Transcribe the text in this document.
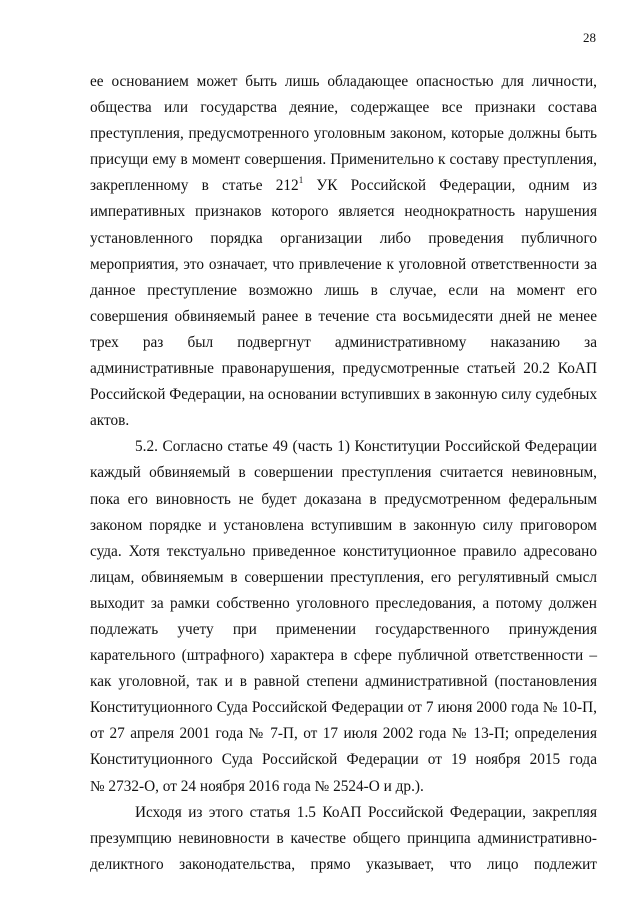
28
ее основанием может быть лишь обладающее опасностью для личности,
общества или государства деяние, содержащее все признаки состава
преступления, предусмотренного уголовным законом, которые должны быть
присущи ему в момент совершения. Применительно к составу преступления,
закрепленному в статье $212^1$ УК Российской Федерации, одним из
императивных признаков которого является неоднократность нарушения
установленного порядка организации либо проведения публичного
мероприятия, это означает, что привлечение к уголовной ответственности за
данное преступление возможно лишь в случае, если на момент его
совершения обвиняемый ранее в течение ста восьмидесяти дней не менее
трех раз был подвергнут административному наказанию за
административные правонарушения, предусмотренные статьей 20.2 КоАП
Российской Федерации, на основании вступивших в законную силу судебных
актов.
5.2. Согласно статье 49 (часть 1) Конституции Российской Федерации
каждый обвиняемый в совершении преступления считается невиновным,
пока его виновность не будет доказана в предусмотренном федеральным
законом порядке и установлена вступившим в законную силу приговором
суда. Хотя текстуально приведенное конституционное правило адресовано
лицам, обвиняемым в совершении преступления, его регулятивный смысл
выходит за рамки собственно уголовного преследования, а потому должен
подлежать учету при применении государственного принуждения
карательного (штрафного) характера в сфере публичной ответственности –
как уголовной, так и в равной степени административной (постановления
Конституционного Суда Российской Федерации от 7 июня 2000 года № 10-П,
от 27 апреля 2001 года № 7-П, от 17 июля 2002 года № 13-П; определения
Конституционного Суда Российской Федерации от 19 ноября 2015 года
№ 2732-О, от 24 ноября 2016 года № 2524-О и др.).
Исходя из этого статья 1.5 КоАП Российской Федерации, закрепляя
презумпцию невиновности в качестве общего принципа административно-
деликтного законодательства, прямо указывает, что лицо подлежит
